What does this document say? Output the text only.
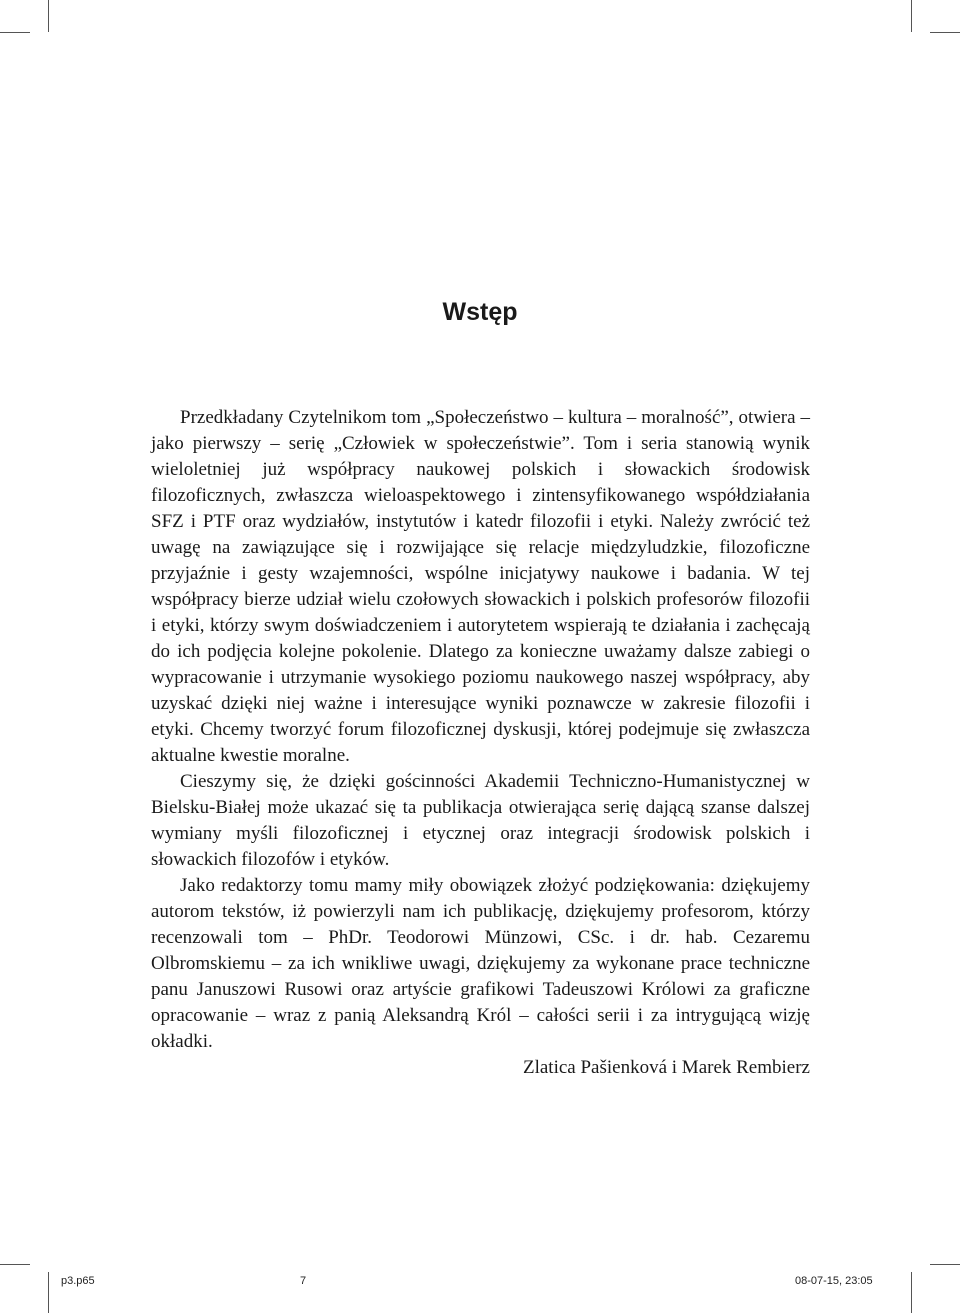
Wstęp

Przedkładany Czytelnikom tom „Społeczeństwo – kultura – moralność”, otwiera – jako pierwszy – serię „Człowiek w społeczeństwie”. Tom i seria stanowią wynik wieloletniej już współpracy naukowej polskich i słowackich środowisk filozoficznych, zwłaszcza wieloaspektowego i zintensyfikowanego współdziałania SFZ i PTF oraz wydziałów, instytutów i katedr filozofii i etyki. Należy zwrócić też uwagę na zawiązujące się i rozwijające się relacje międzyludzkie, filozoficzne przyjaźnie i gesty wzajemności, wspólne inicjatywy naukowe i badania. W tej współpracy bierze udział wielu czołowych słowackich i polskich profesorów filozofii i etyki, którzy swym doświadczeniem i autorytetem wspierają te działania i zachęcają do ich podjęcia kolejne pokolenie. Dlatego za konieczne uważamy dalsze zabiegi o wypracowanie i utrzymanie wysokiego poziomu naukowego naszej współpracy, aby uzyskać dzięki niej ważne i interesujące wyniki poznawcze w zakresie filozofii i etyki. Chcemy tworzyć forum filozoficznej dyskusji, której podejmuje się zwłaszcza aktualne kwestie moralne.

Cieszymy się, że dzięki gościnności Akademii Techniczno-Humanistycznej w Bielsku-Białej może ukazać się ta publikacja otwierająca serię dającą szanse dalszej wymiany myśli filozoficznej i etycznej oraz integracji środowisk polskich i słowackich filozofów i etyków.

Jako redaktorzy tomu mamy miły obowiązek złożyć podziękowania: dziękujemy autorom tekstów, iż powierzyli nam ich publikację, dziękujemy profesorom, którzy recenzowali tom – PhDr. Teodorowi Münzowi, CSc. i dr. hab. Cezaremu Olbromskiemu – za ich wnikliwe uwagi, dziękujemy za wykonane prace techniczne panu Januszowi Rusowi oraz artyście grafikowi Tadeuszowi Królowi za graficzne opracowanie – wraz z panią Aleksandrą Król – całości serii i za intrygującą wizję okładki.

Zlatica Pašienková i Marek Rembierz

p3.p65	7	08-07-15, 23:05
